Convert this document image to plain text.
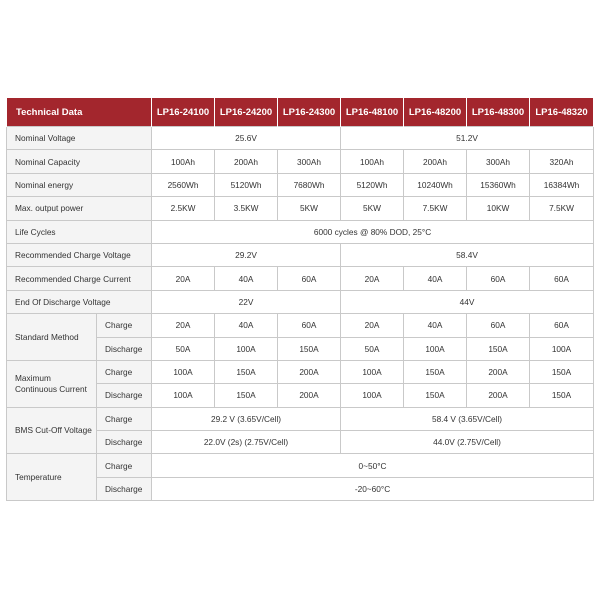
Technical Data		LP16-24100	LP16-24200	LP16-24300	LP16-48100	LP16-48200	LP16-48300	LP16-48320
Nominal Voltage		25.6V			51.2V			
Nominal Capacity		100Ah	200Ah	300Ah	100Ah	200Ah	300Ah	320Ah
Nominal energy		2560Wh	5120Wh	7680Wh	5120Wh	10240Wh	15360Wh	16384Wh
Max. output power		2.5KW	3.5KW	5KW	5KW	7.5KW	10KW	7.5KW
Life Cycles		6000 cycles @ 80% DOD, 25°C						
Recommended Charge Voltage		29.2V			58.4V			
Recommended Charge Current		20A	40A	60A	20A	40A	60A	60A
End Of Discharge Voltage		22V			44V			
Standard Method	Charge	20A	40A	60A	20A	40A	60A	60A
	Discharge	50A	100A	150A	50A	100A	150A	100A
Maximum Continuous Current	Charge	100A	150A	200A	100A	150A	200A	150A
	Discharge	100A	150A	200A	100A	150A	200A	150A
BMS Cut-Off Voltage	Charge	29.2 V (3.65V/Cell)			58.4 V (3.65V/Cell)			
	Discharge	22.0V (2s) (2.75V/Cell)			44.0V (2.75V/Cell)			
Temperature	Charge	0~50°C						
	Discharge	-20~60°C						
